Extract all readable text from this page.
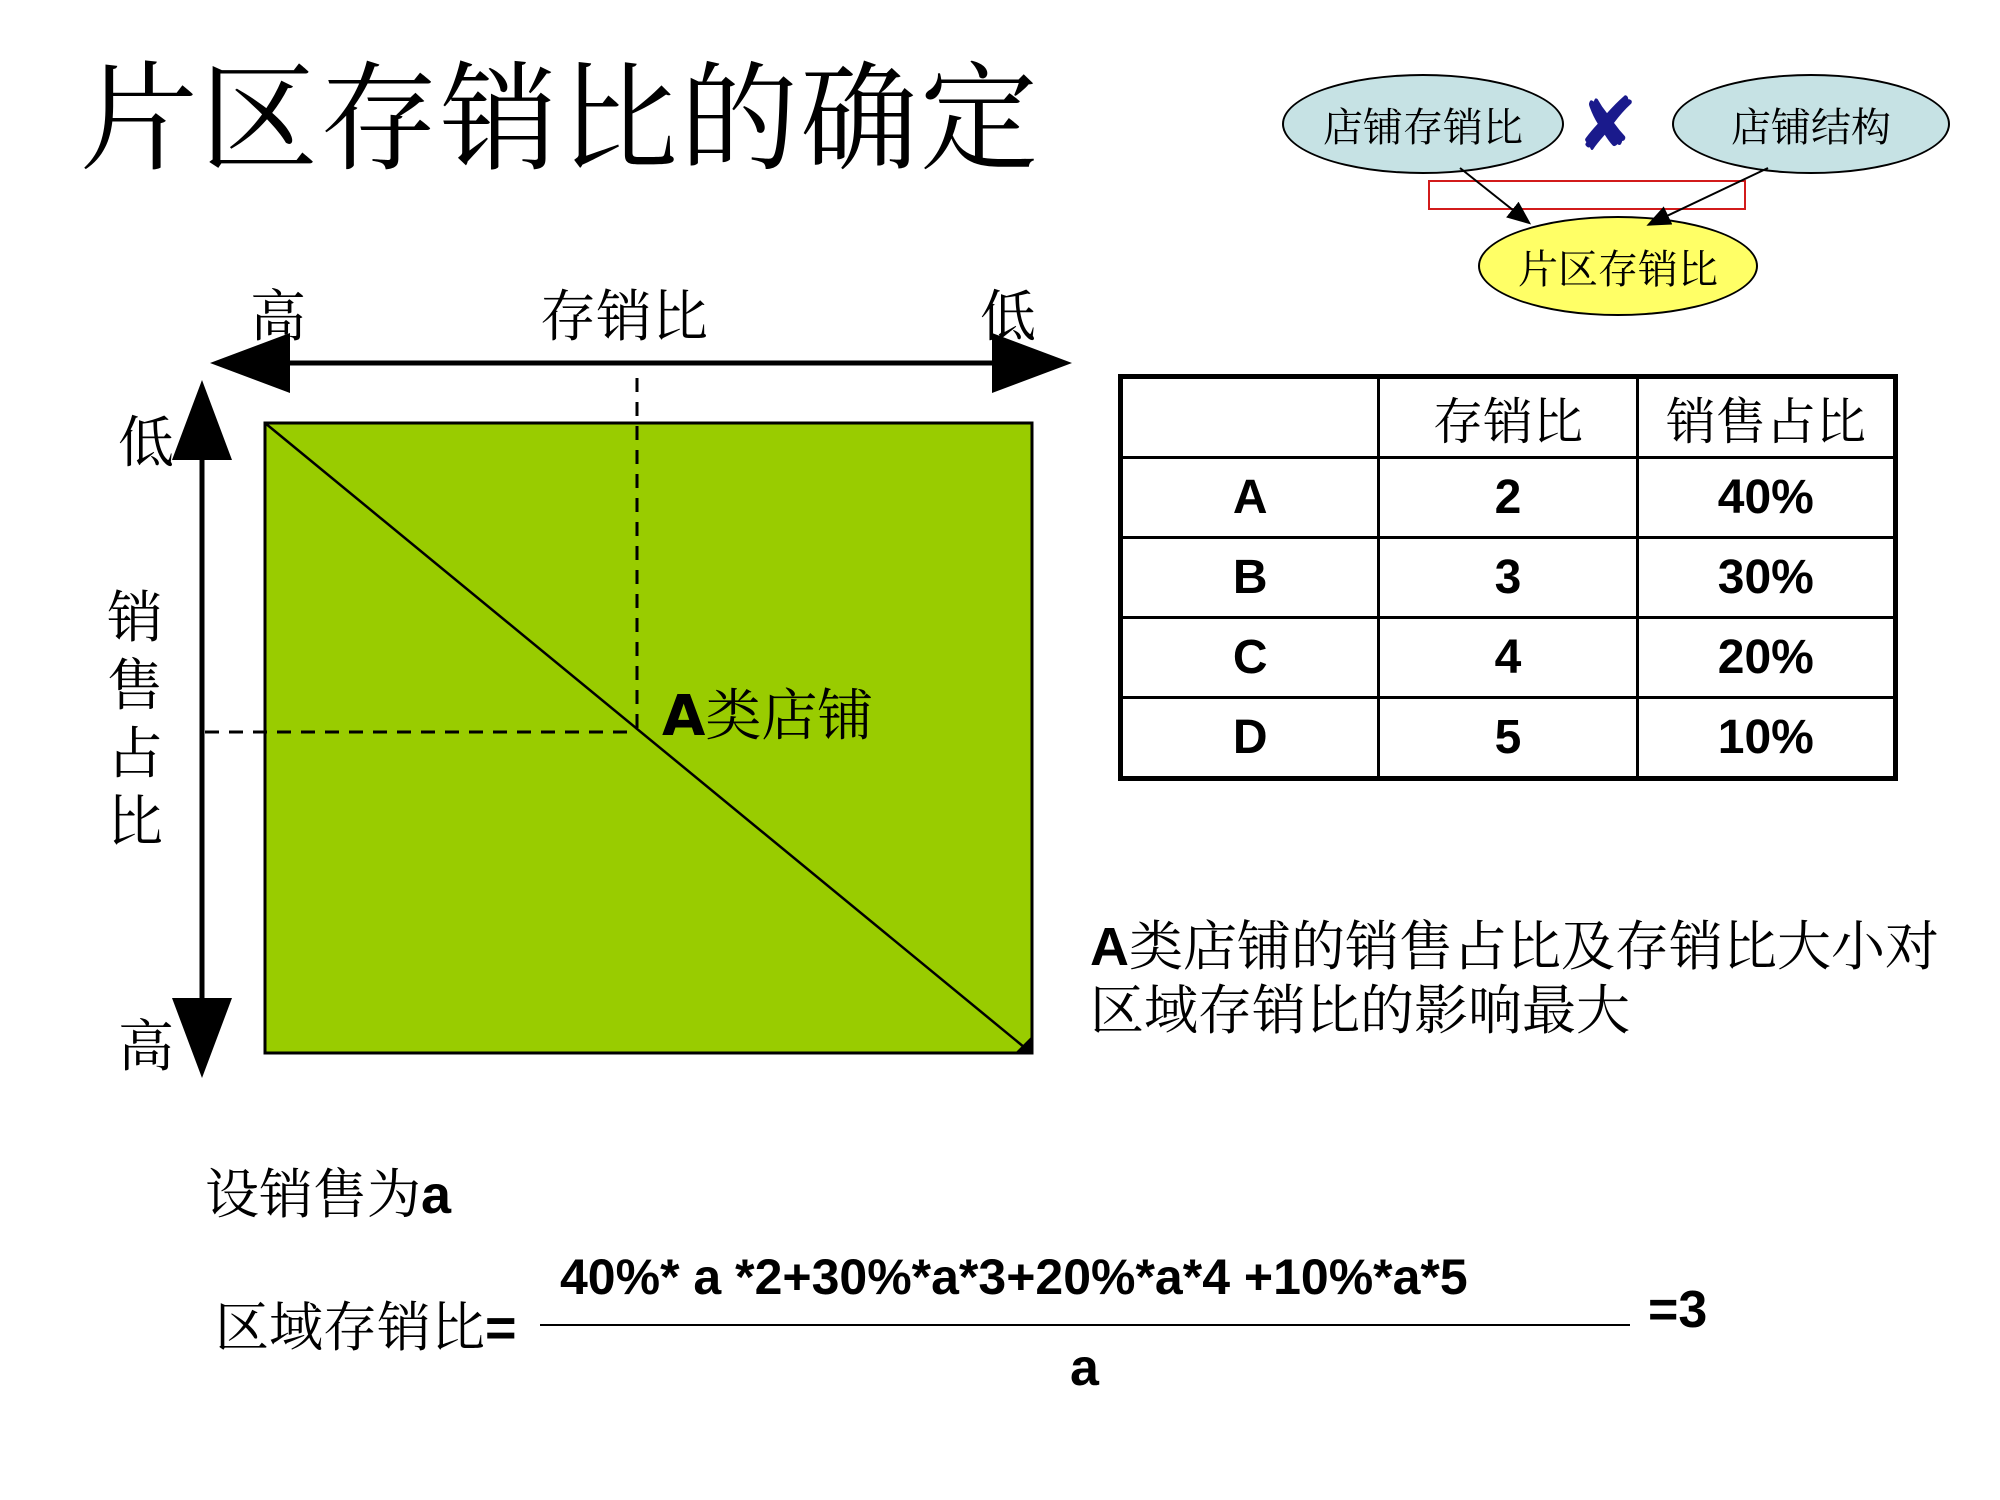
片区存销比的确定	店铺存销比	店铺结构
✘
片区存销比
高	存销比	低
低
销售占比
高
A类店铺
	存销比	销售占比
A	2	40%
B	3	30%
C	4	20%
D	5	10%
A类店铺的销售占比及存销比大小对区域存销比的影响最大
设销售为a
区域存销比=
40%* a *2+30%*a*3+20%*a*4 +10%*a*5
a
=3
